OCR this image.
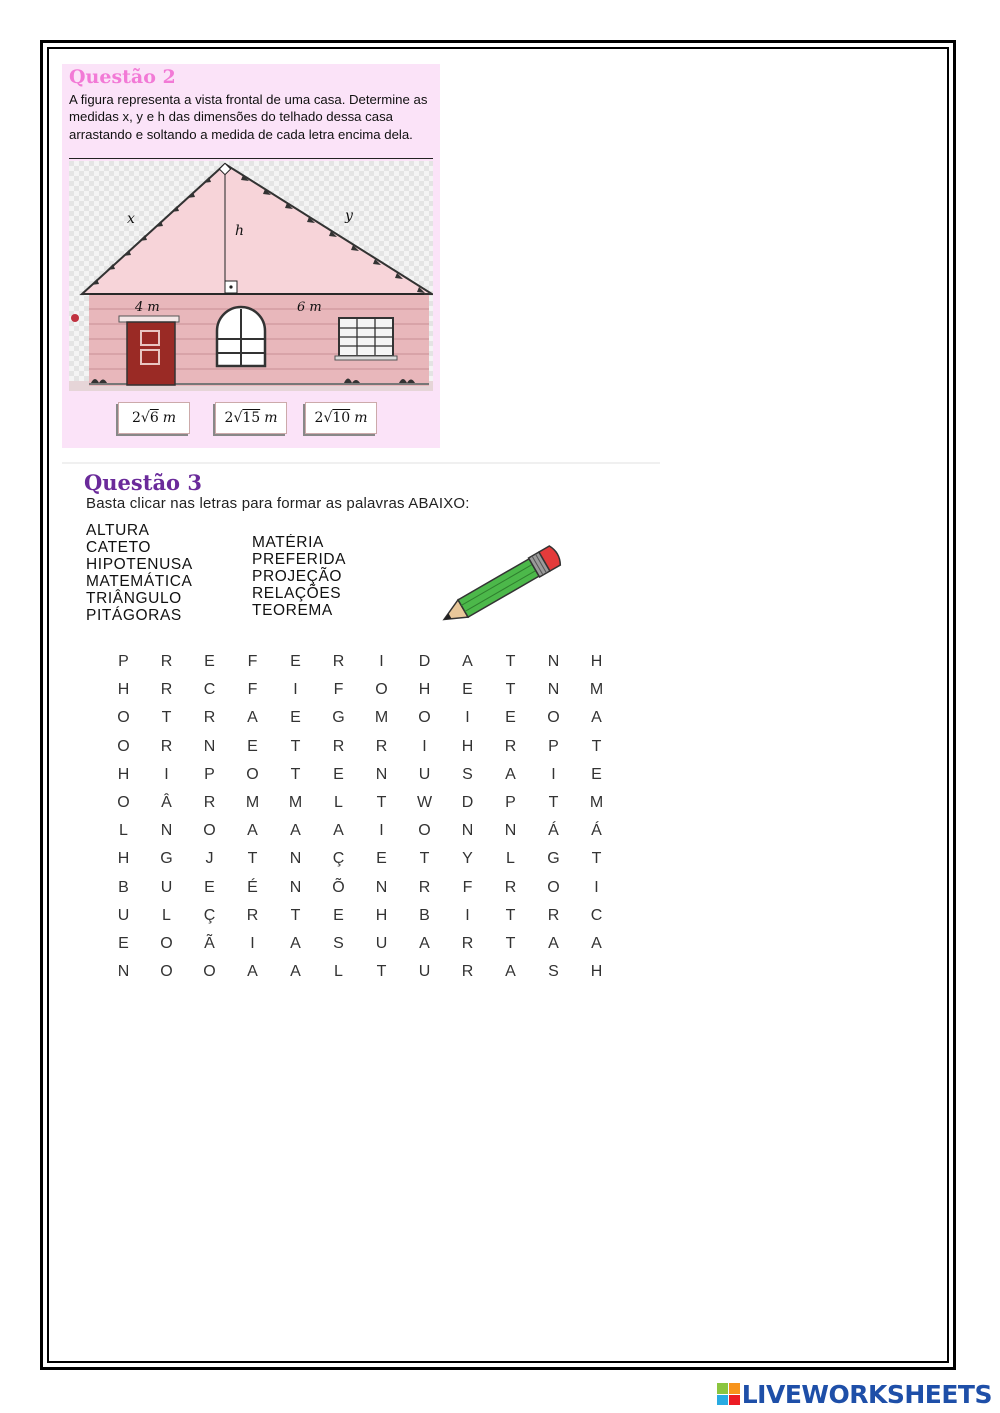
Questão 2
A figura representa a vista frontal de uma casa. Determine as medidas x, y e h das dimensões do telhado dessa casa arrastando e soltando a medida de cada letra encima dela.
x	y
h
4 m	6 m
2 √ 6 m	2 √ 15 m	2 √ 10 m
Questão 3
Basta clicar nas letras para formar as palavras ABAIXO:
ALTURA
CATETO
HIPOTENUSA
MATEMÁTICA
TRIÂNGULO
PITÁGORAS
MATÉRIA
PREFERIDA
PROJEÇÃO
RELAÇÕES
TEOREMA
P	R	E	F	E	R	I	D	A	T	N	H
H	R	C	F	I	F	O	H	E	T	N	M
O	T	R	A	E	G	M	O	I	E	O	A
O	R	N	E	T	R	R	I	H	R	P	T
H	I	P	O	T	E	N	U	S	A	I	E
O	Â	R	M	M	L	T	W	D	P	T	M
L	N	O	A	A	A	I	O	N	N	Á	Á
H	G	J	T	N	Ç	E	T	Y	L	G	T
B	U	E	É	N	Õ	N	R	F	R	O	I
U	L	Ç	R	T	E	H	B	I	T	R	C
E	O	Ã	I	A	S	U	A	R	T	A	A
N	O	O	A	A	L	T	U	R	A	S	H
LIVEWORKSHEETS
